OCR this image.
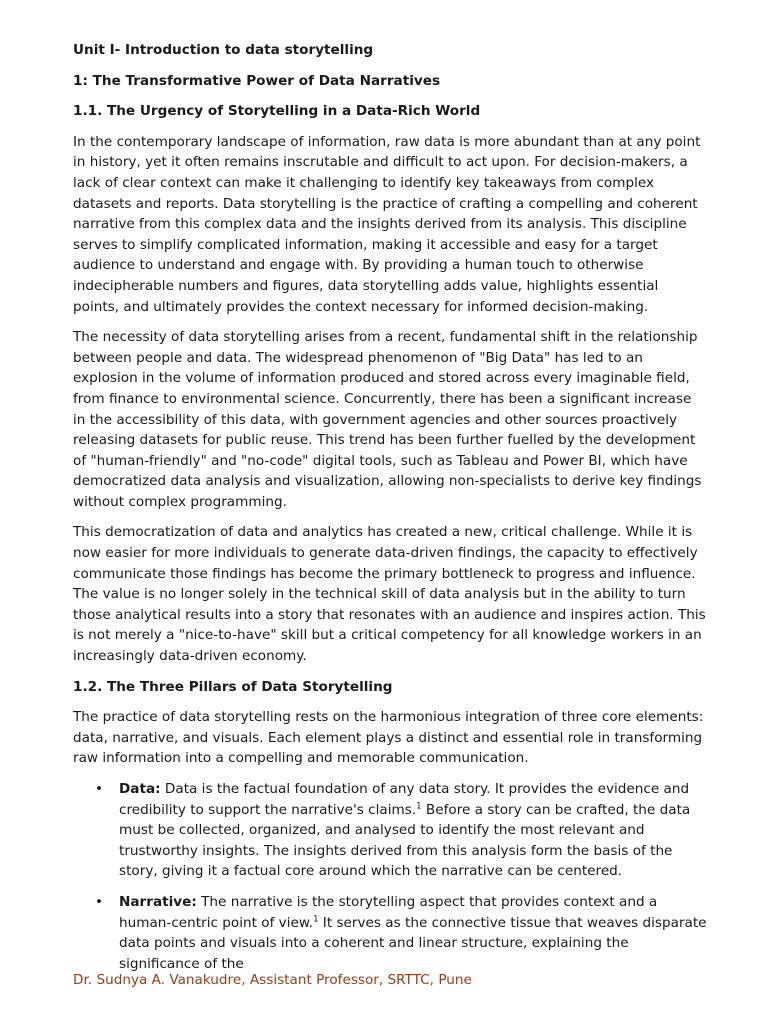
Unit I- Introduction to data storytelling
1: The Transformative Power of Data Narratives
1.1. The Urgency of Storytelling in a Data-Rich World

In the contemporary landscape of information, raw data is more abundant than at any point in history, yet it often remains inscrutable and difficult to act upon. For decision-makers, a lack of clear context can make it challenging to identify key takeaways from complex datasets and reports. Data storytelling is the practice of crafting a compelling and coherent narrative from this complex data and the insights derived from its analysis. This discipline serves to simplify complicated information, making it accessible and easy for a target audience to understand and engage with. By providing a human touch to otherwise indecipherable numbers and figures, data storytelling adds value, highlights essential points, and ultimately provides the context necessary for informed decision-making.

The necessity of data storytelling arises from a recent, fundamental shift in the relationship between people and data. The widespread phenomenon of "Big Data" has led to an explosion in the volume of information produced and stored across every imaginable field, from finance to environmental science. Concurrently, there has been a significant increase in the accessibility of this data, with government agencies and other sources proactively releasing datasets for public reuse. This trend has been further fuelled by the development of "human-friendly" and "no-code" digital tools, such as Tableau and Power BI, which have democratized data analysis and visualization, allowing non-specialists to derive key findings without complex programming.

This democratization of data and analytics has created a new, critical challenge. While it is now easier for more individuals to generate data-driven findings, the capacity to effectively communicate those findings has become the primary bottleneck to progress and influence. The value is no longer solely in the technical skill of data analysis but in the ability to turn those analytical results into a story that resonates with an audience and inspires action. This is not merely a "nice-to-have" skill but a critical competency for all knowledge workers in an increasingly data-driven economy.

1.2. The Three Pillars of Data Storytelling

The practice of data storytelling rests on the harmonious integration of three core elements: data, narrative, and visuals. Each element plays a distinct and essential role in transforming raw information into a compelling and memorable communication.

• Data: Data is the factual foundation of any data story. It provides the evidence and credibility to support the narrative's claims.$^1$ Before a story can be crafted, the data must be collected, organized, and analysed to identify the most relevant and trustworthy insights. The insights derived from this analysis form the basis of the story, giving it a factual core around which the narrative can be centered.
• Narrative: The narrative is the storytelling aspect that provides context and a human-centric point of view.$^1$ It serves as the connective tissue that weaves disparate data points and visuals into a coherent and linear structure, explaining the significance of the
Dr. Sudnya A. Vanakudre, Assistant Professor, SRTTC, Pune
